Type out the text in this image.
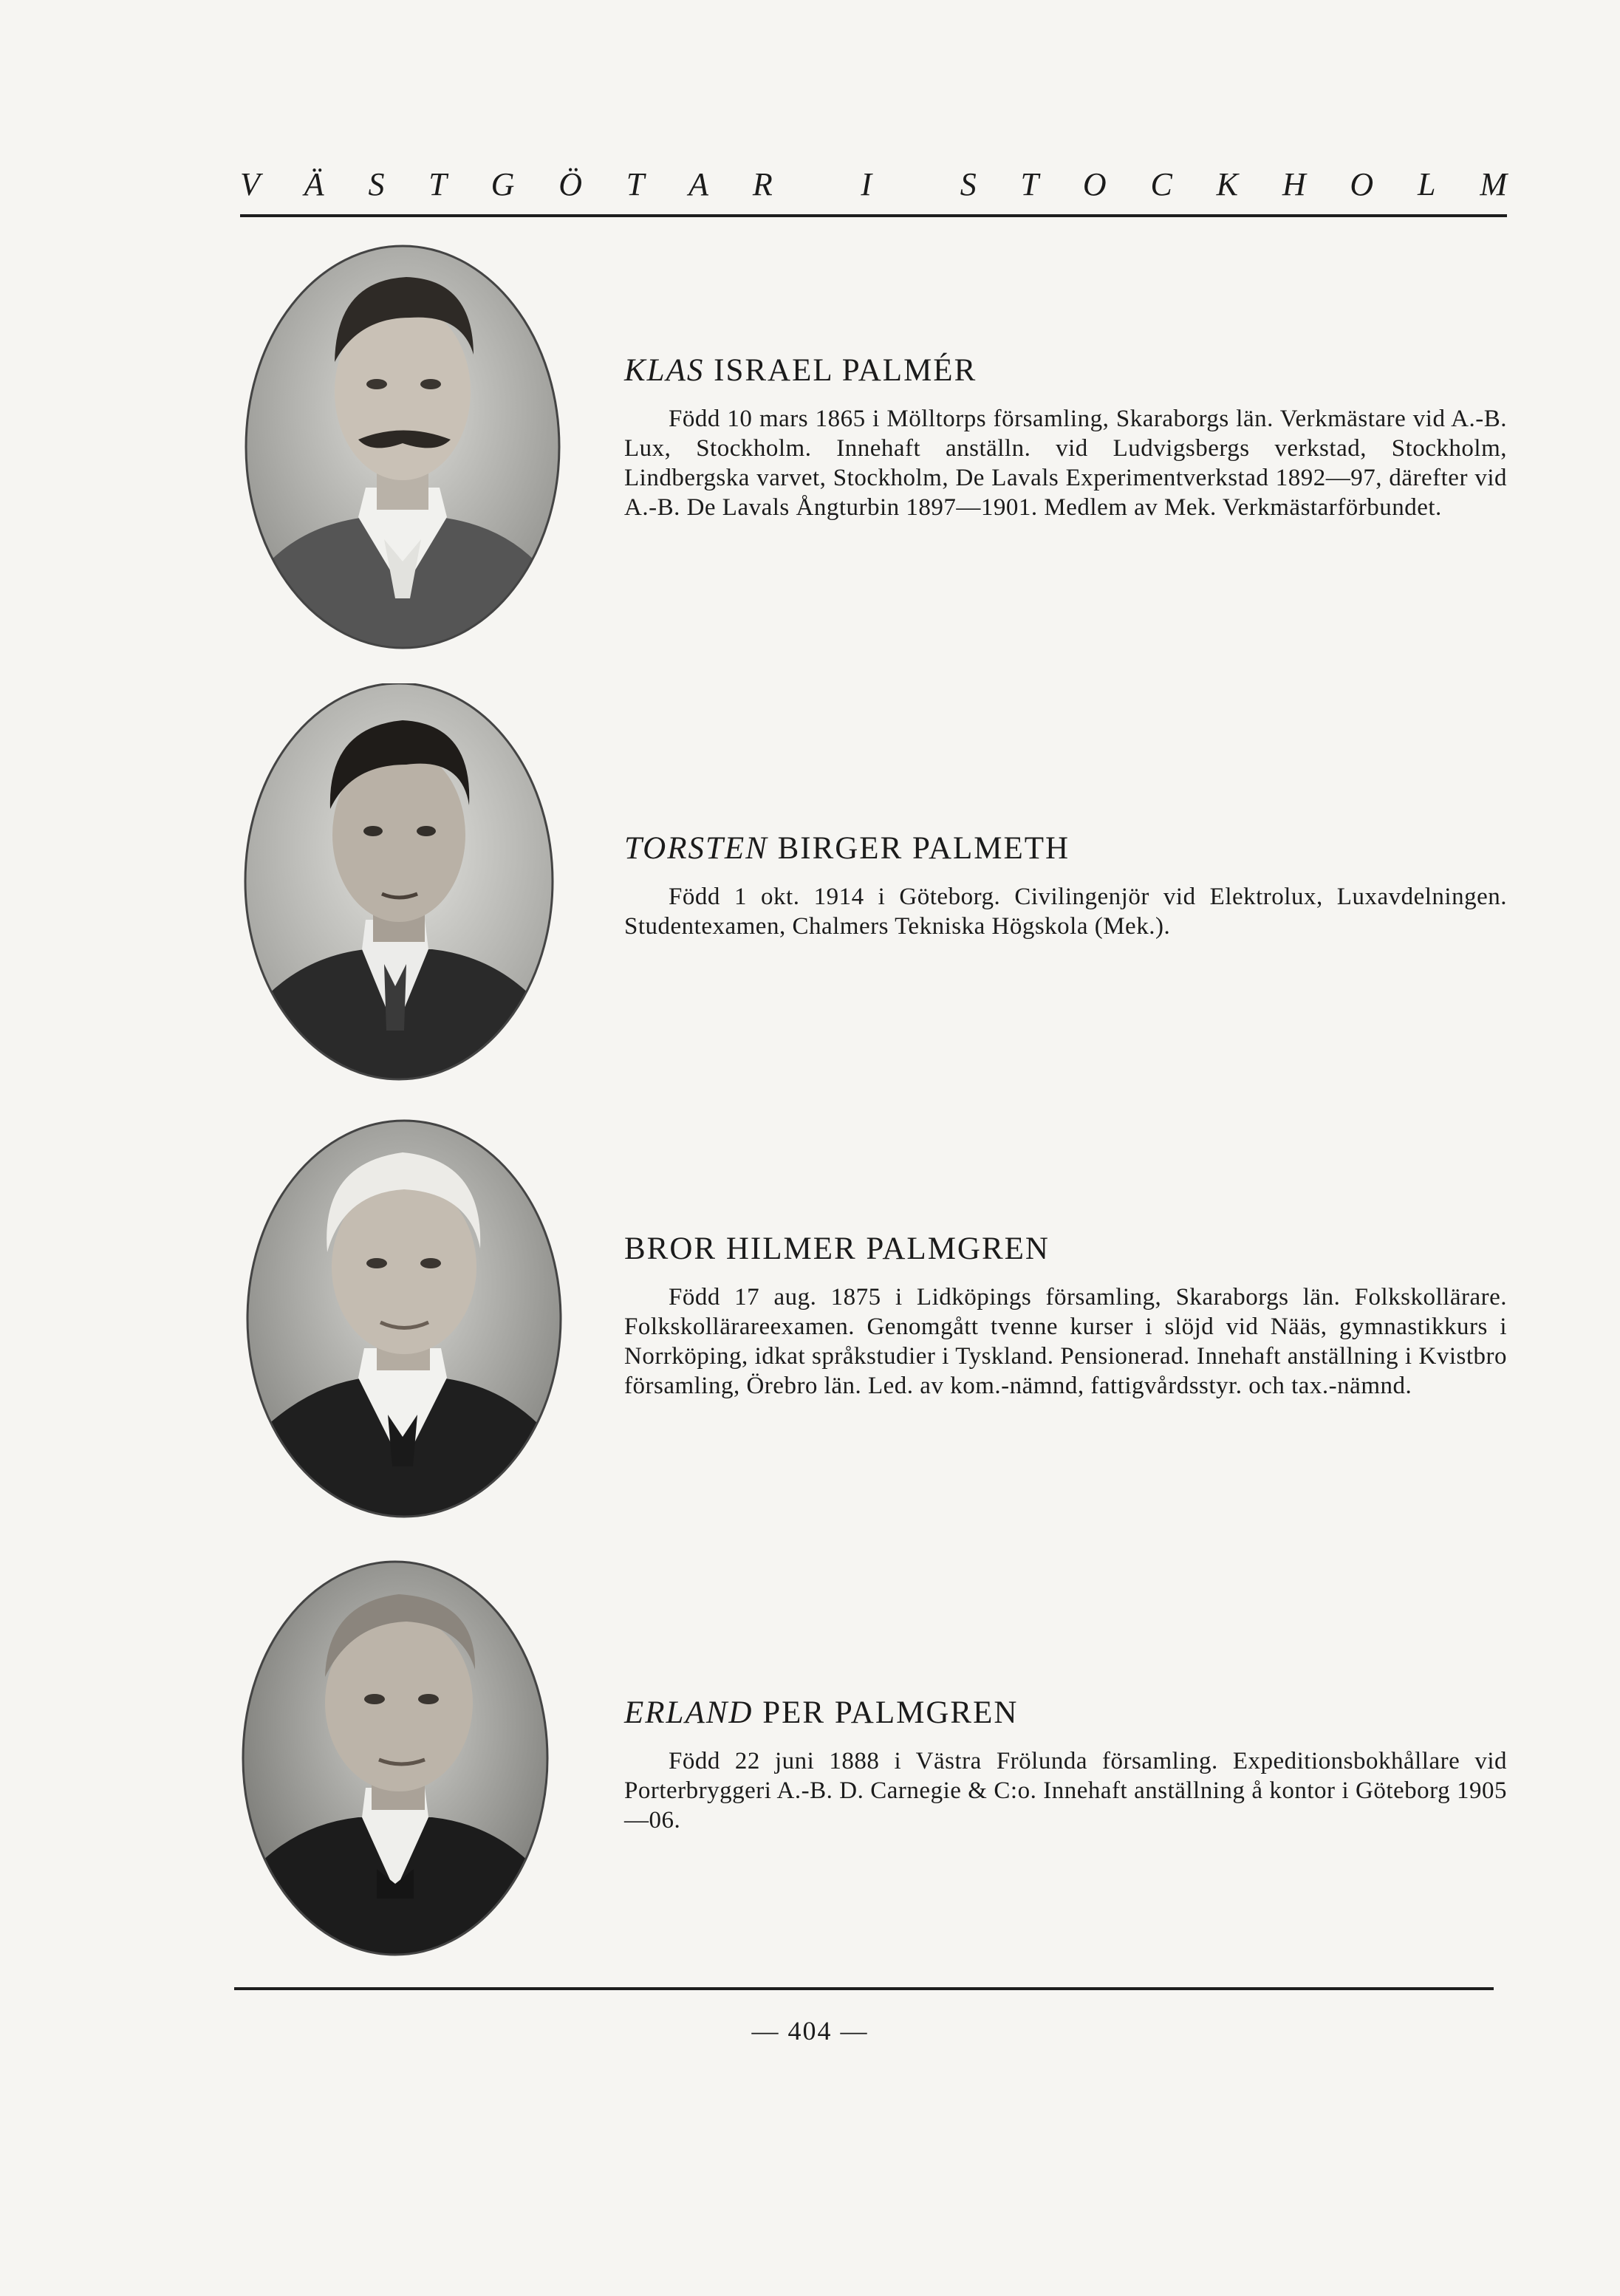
V Ä S T G Ö T A R	I	S T O C K H O L M
KLAS ISRAEL PALMÉR

Född 10 mars 1865 i Mölltorps församling, Skaraborgs län. Verkmästare vid A.-B. Lux, Stockholm. Innehaft anställn. vid Ludvigsbergs verkstad, Stockholm, Lindbergska varvet, Stockholm, De Lavals Experimentverkstad 1892—97, därefter vid A.-B. De Lavals Ångturbin 1897—1901. Medlem av Mek. Verkmästarförbundet.

TORSTEN BIRGER PALMETH

Född 1 okt. 1914 i Göteborg. Civilingenjör vid Elektrolux, Luxavdelningen. Studentexamen, Chalmers Tekniska Högskola (Mek.).

BROR HILMER PALMGREN

Född 17 aug. 1875 i Lidköpings församling, Skaraborgs län. Folkskollärare. Folkskollärareexamen. Genomgått tvenne kurser i slöjd vid Nääs, gymnastikkurs i Norrköping, idkat språkstudier i Tyskland. Pensionerad. Innehaft anställning i Kvistbro församling, Örebro län. Led. av kom.-nämnd, fattigvårdsstyr. och tax.-nämnd.

ERLAND PER PALMGREN

Född 22 juni 1888 i Västra Frölunda församling. Expeditionsbokhållare vid Porterbryggeri A.-B. D. Carnegie & C:o. Innehaft anställning å kontor i Göteborg 1905—06.

— 404 —
